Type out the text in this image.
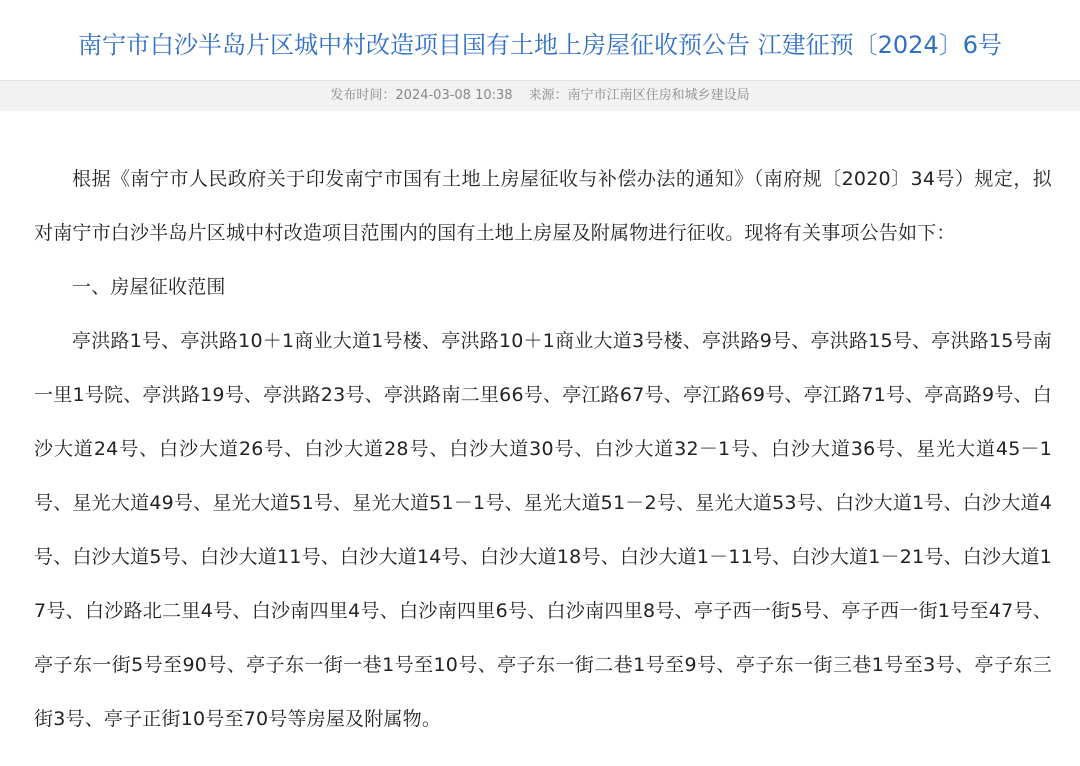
南宁市白沙半岛片区城中村改造项目国有土地上房屋征收预公告 江建征预〔2024〕6号
发布时间：2024-03-08 10:38 来源：南宁市江南区住房和城乡建设局

根据《南宁市人民政府关于印发南宁市国有土地上房屋征收与补偿办法的通知》（南府规〔2020〕34号）规定，拟对南宁市白沙半岛片区城中村改造项目范围内的国有土地上房屋及附属物进行征收。现将有关事项公告如下：

一、房屋征收范围

亭洪路1号、亭洪路10＋1商业大道1号楼、亭洪路10＋1商业大道3号楼、亭洪路9号、亭洪路15号、亭洪路15号南一里1号院、亭洪路19号、亭洪路23号、亭洪路南二里66号、亭江路67号、亭江路69号、亭江路71号、亭高路9号、白沙大道24号、白沙大道26号、白沙大道28号、白沙大道30号、白沙大道32－1号、白沙大道36号、星光大道45－1号、星光大道49号、星光大道51号、星光大道51－1号、星光大道51－2号、星光大道53号、白沙大道1号、白沙大道4号、白沙大道5号、白沙大道11号、白沙大道14号、白沙大道18号、白沙大道1－11号、白沙大道1－21号、白沙大道17号、白沙路北二里4号、白沙南四里4号、白沙南四里6号、白沙南四里8号、亭子西一街5号、亭子西一街1号至47号、亭子东一街5号至90号、亭子东一街一巷1号至10号、亭子东一街二巷1号至9号、亭子东一街三巷1号至3号、亭子东三街3号、亭子正街10号至70号等房屋及附属物。
